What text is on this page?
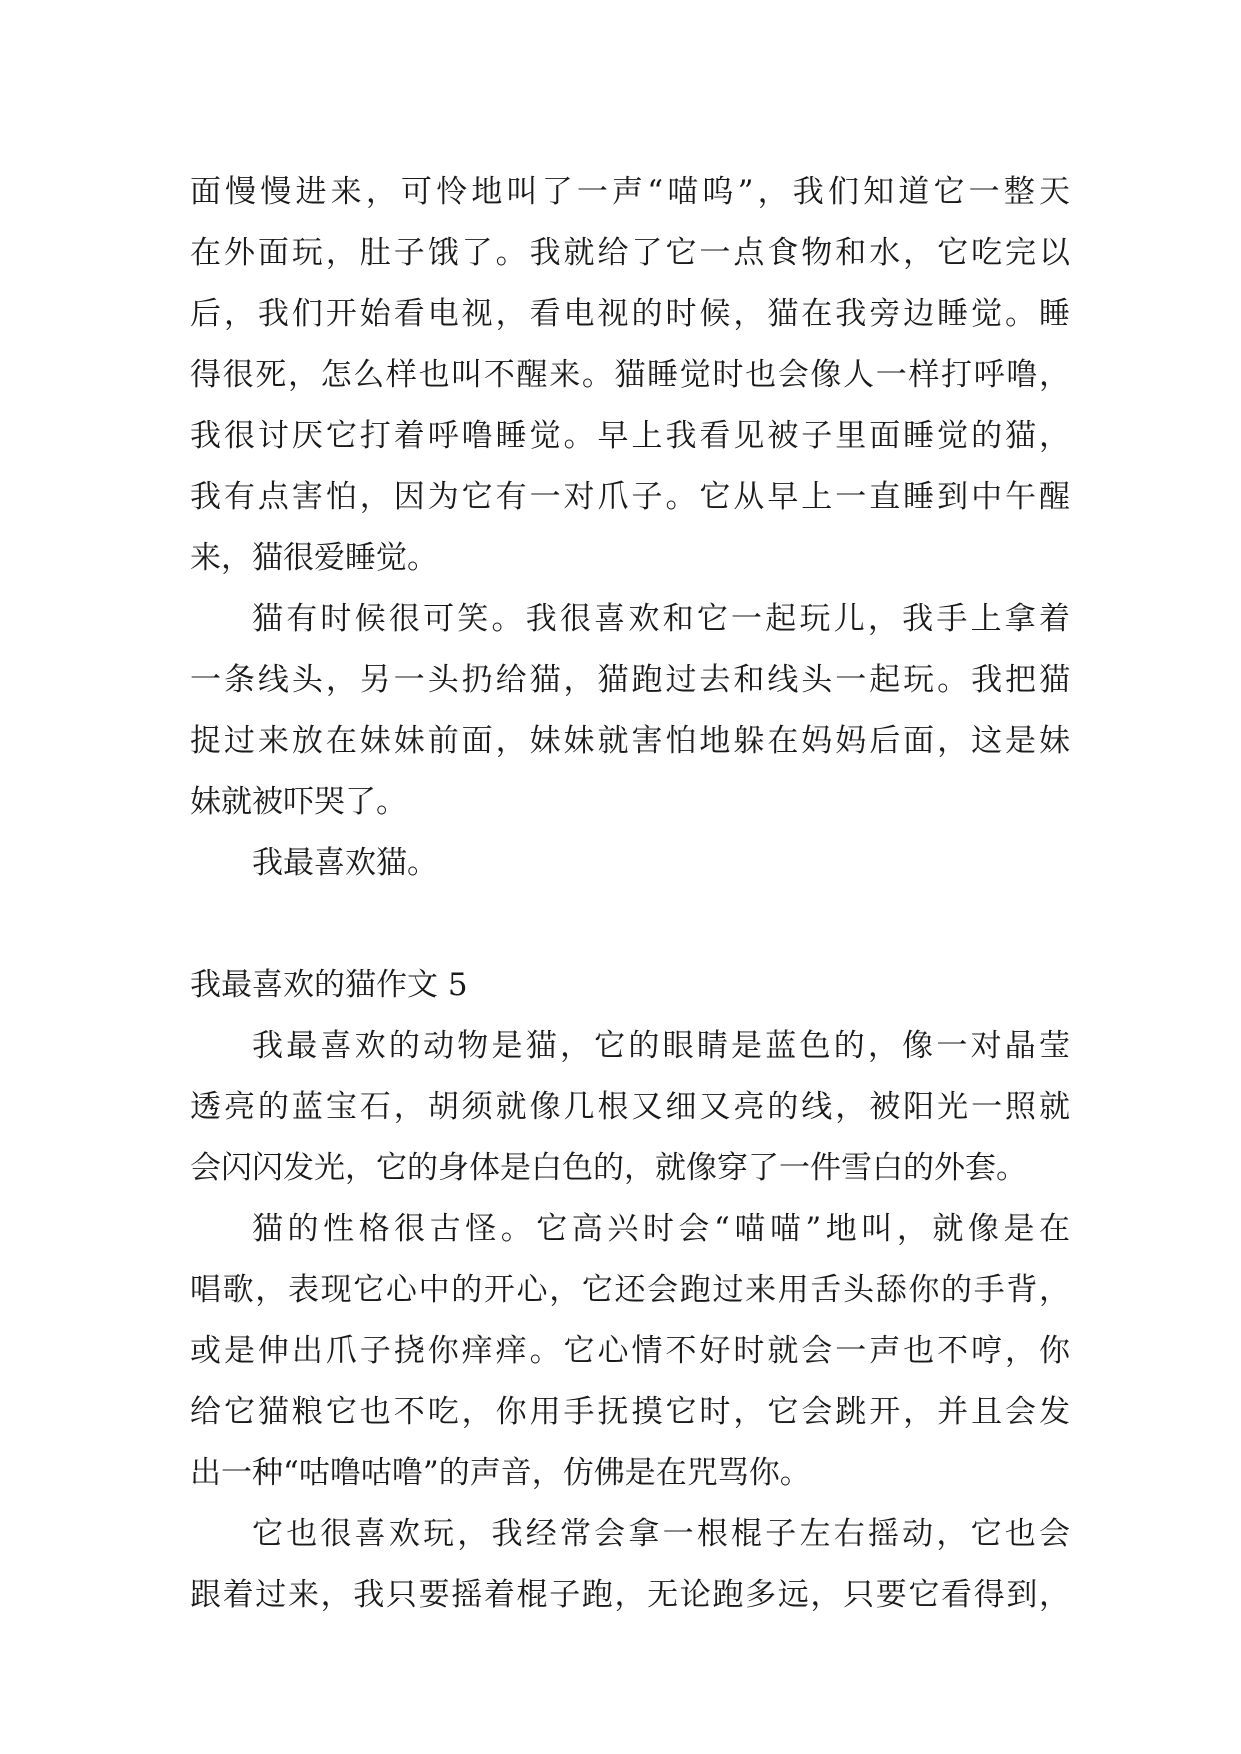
面慢慢进来，可怜地叫了一声“喵呜”，我们知道它一整天
在外面玩，肚子饿了。我就给了它一点食物和水，它吃完以
后，我们开始看电视，看电视的时候，猫在我旁边睡觉。睡
得很死，怎么样也叫不醒来。猫睡觉时也会像人一样打呼噜，
我很讨厌它打着呼噜睡觉。早上我看见被子里面睡觉的猫，
我有点害怕，因为它有一对爪子。它从早上一直睡到中午醒
来，猫很爱睡觉。
猫有时候很可笑。我很喜欢和它一起玩儿，我手上拿着
一条线头，另一头扔给猫，猫跑过去和线头一起玩。我把猫
捉过来放在妹妹前面，妹妹就害怕地躲在妈妈后面，这是妹
妹就被吓哭了。
我最喜欢猫。
我最喜欢的猫作文 5
我最喜欢的动物是猫，它的眼睛是蓝色的，像一对晶莹
透亮的蓝宝石，胡须就像几根又细又亮的线，被阳光一照就
会闪闪发光，它的身体是白色的，就像穿了一件雪白的外套。
猫的性格很古怪。它高兴时会“喵喵”地叫，就像是在
唱歌，表现它心中的开心，它还会跑过来用舌头舔你的手背，
或是伸出爪子挠你痒痒。它心情不好时就会一声也不哼，你
给它猫粮它也不吃，你用手抚摸它时，它会跳开，并且会发
出一种“咕噜咕噜”的声音，仿佛是在咒骂你。
它也很喜欢玩，我经常会拿一根棍子左右摇动，它也会
跟着过来，我只要摇着棍子跑，无论跑多远，只要它看得到，
